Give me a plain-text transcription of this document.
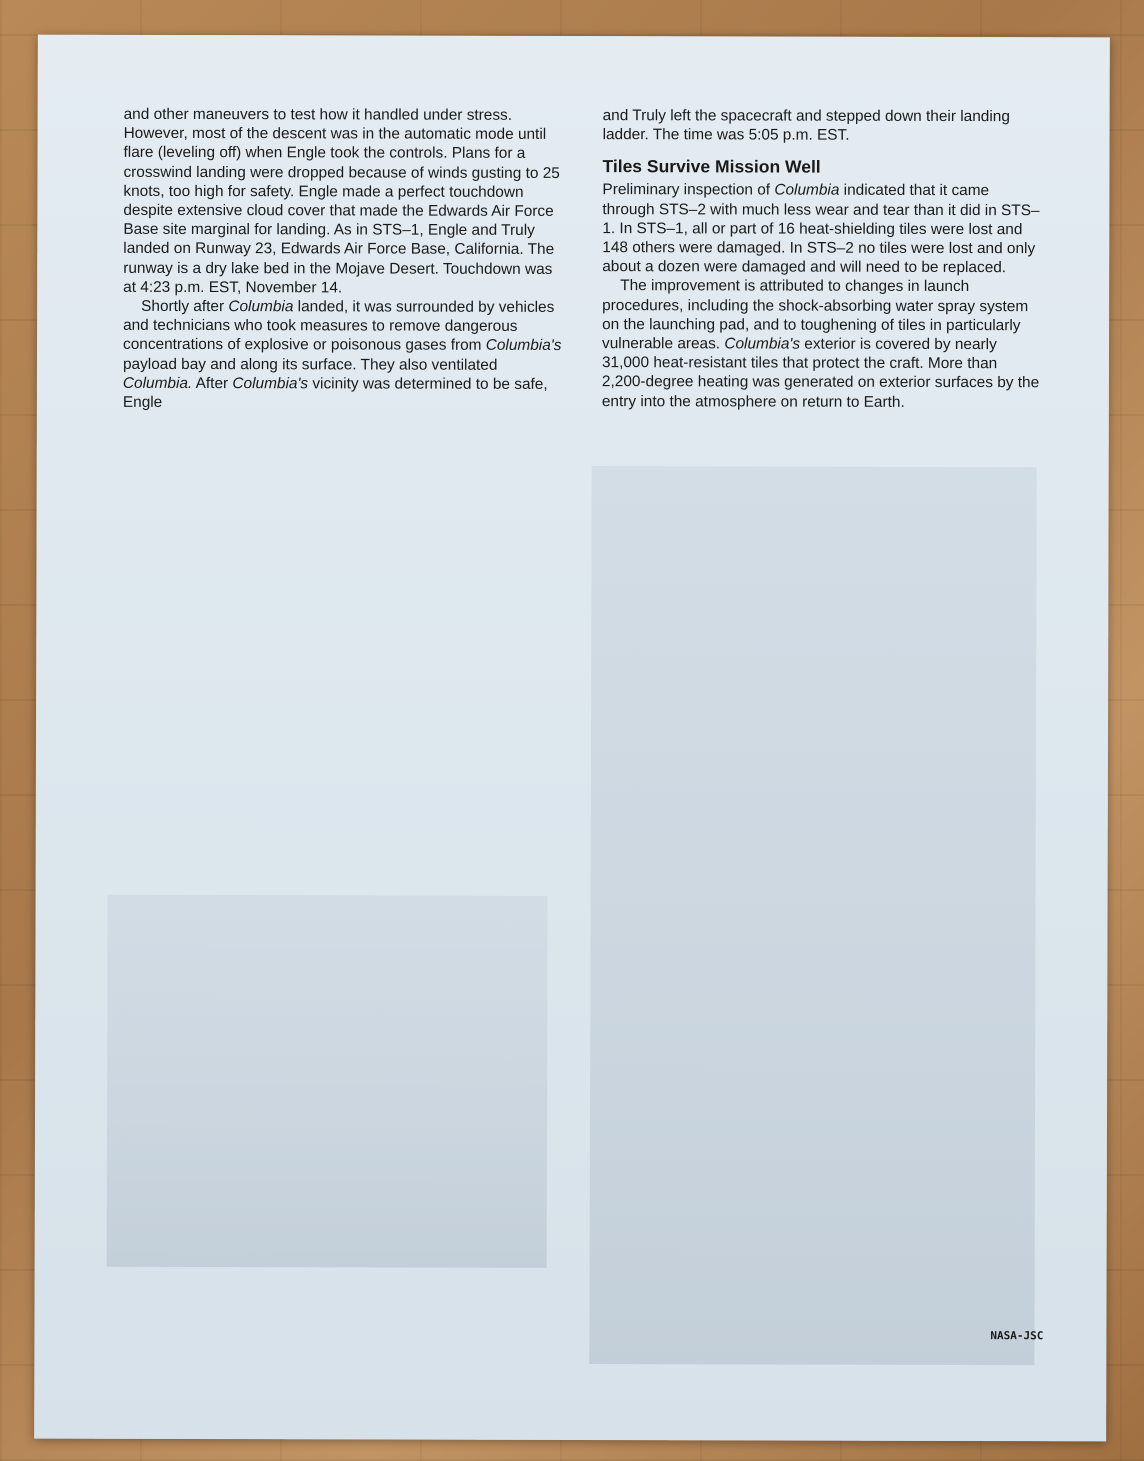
and other maneuvers to test how it handled under stress. However, most of the descent was in the automatic mode until flare (leveling off) when Engle took the controls. Plans for a crosswind landing were dropped because of winds gusting to 25 knots, too high for safety. Engle made a perfect touchdown despite extensive cloud cover that made the Edwards Air Force Base site marginal for landing. As in STS–1, Engle and Truly landed on Runway 23, Edwards Air Force Base, California. The runway is a dry lake bed in the Mojave Desert. Touchdown was at 4:23 p.m. EST, November 14.

Shortly after Columbia landed, it was surrounded by vehicles and technicians who took measures to remove dangerous concentrations of explosive or poisonous gases from Columbia's payload bay and along its surface. They also ventilated Columbia. After Columbia's vicinity was determined to be safe, Engle

and Truly left the spacecraft and stepped down their landing ladder. The time was 5:05 p.m. EST.

Tiles Survive Mission Well

Preliminary inspection of Columbia indicated that it came through STS–2 with much less wear and tear than it did in STS–1. In STS–1, all or part of 16 heat-shielding tiles were lost and 148 others were damaged. In STS–2 no tiles were lost and only about a dozen were damaged and will need to be replaced.

The improvement is attributed to changes in launch procedures, including the shock-absorbing water spray system on the launching pad, and to toughening of tiles in particularly vulnerable areas. Columbia's exterior is covered by nearly 31,000 heat-resistant tiles that protect the craft. More than 2,200-degree heating was generated on exterior surfaces by the entry into the atmosphere on return to Earth.

NASA-JSC
